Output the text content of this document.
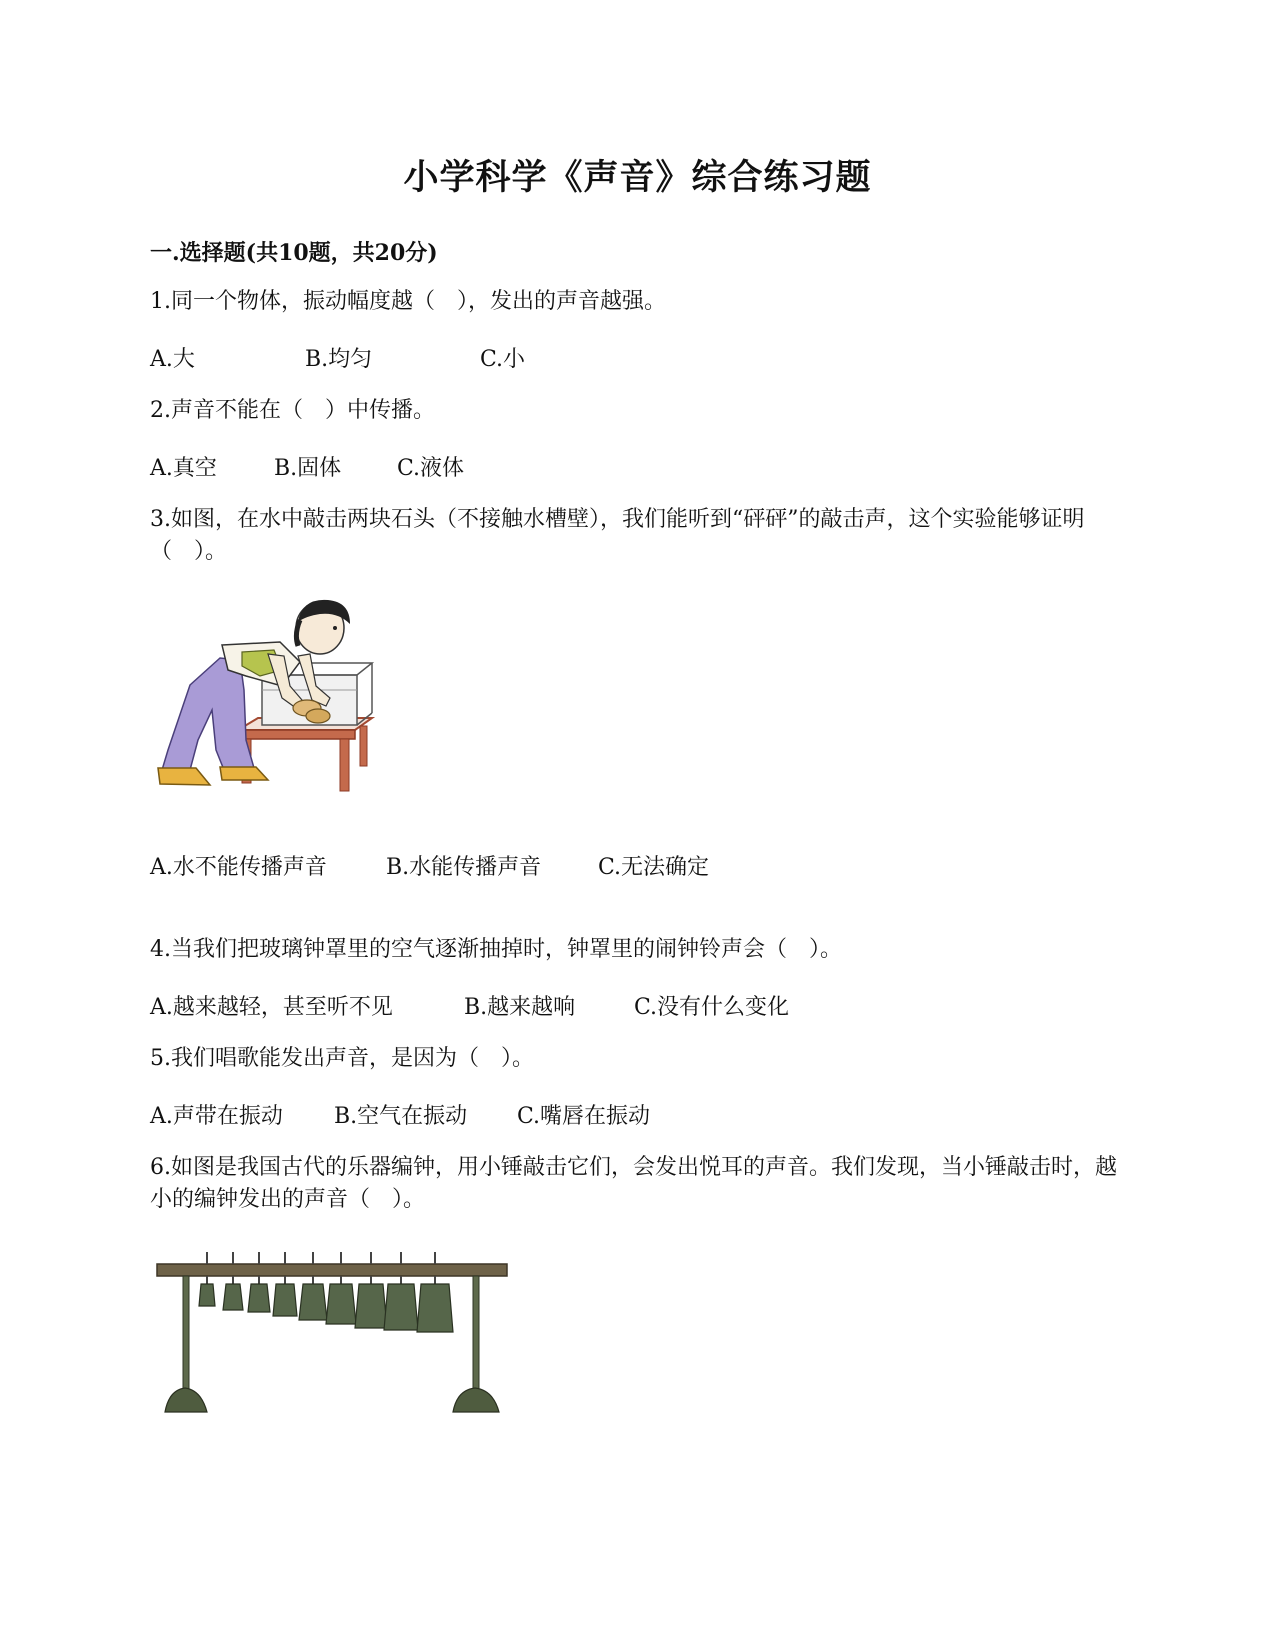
小学科学《声音》综合练习题
一.选择题(共10题，共20分)
1.同一个物体，振动幅度越（　），发出的声音越强。
A.大	B.均匀	C.小
2.声音不能在（　）中传播。
A.真空	B.固体	C.液体
3.如图，在水中敲击两块石头（不接触水槽壁），我们能听到“砰砰”的敲击声，这个实验能够证明（　）。
A.水不能传播声音	B.水能传播声音	C.无法确定
4.当我们把玻璃钟罩里的空气逐渐抽掉时，钟罩里的闹钟铃声会（　）。
A.越来越轻，甚至听不见	B.越来越响	C.没有什么变化
5.我们唱歌能发出声音，是因为（　）。
A.声带在振动 B.空气在振动 C.嘴唇在振动
6.如图是我国古代的乐器编钟，用小锤敲击它们，会发出悦耳的声音。我们发现，当小锤敲击时，越小的编钟发出的声音（　）。
